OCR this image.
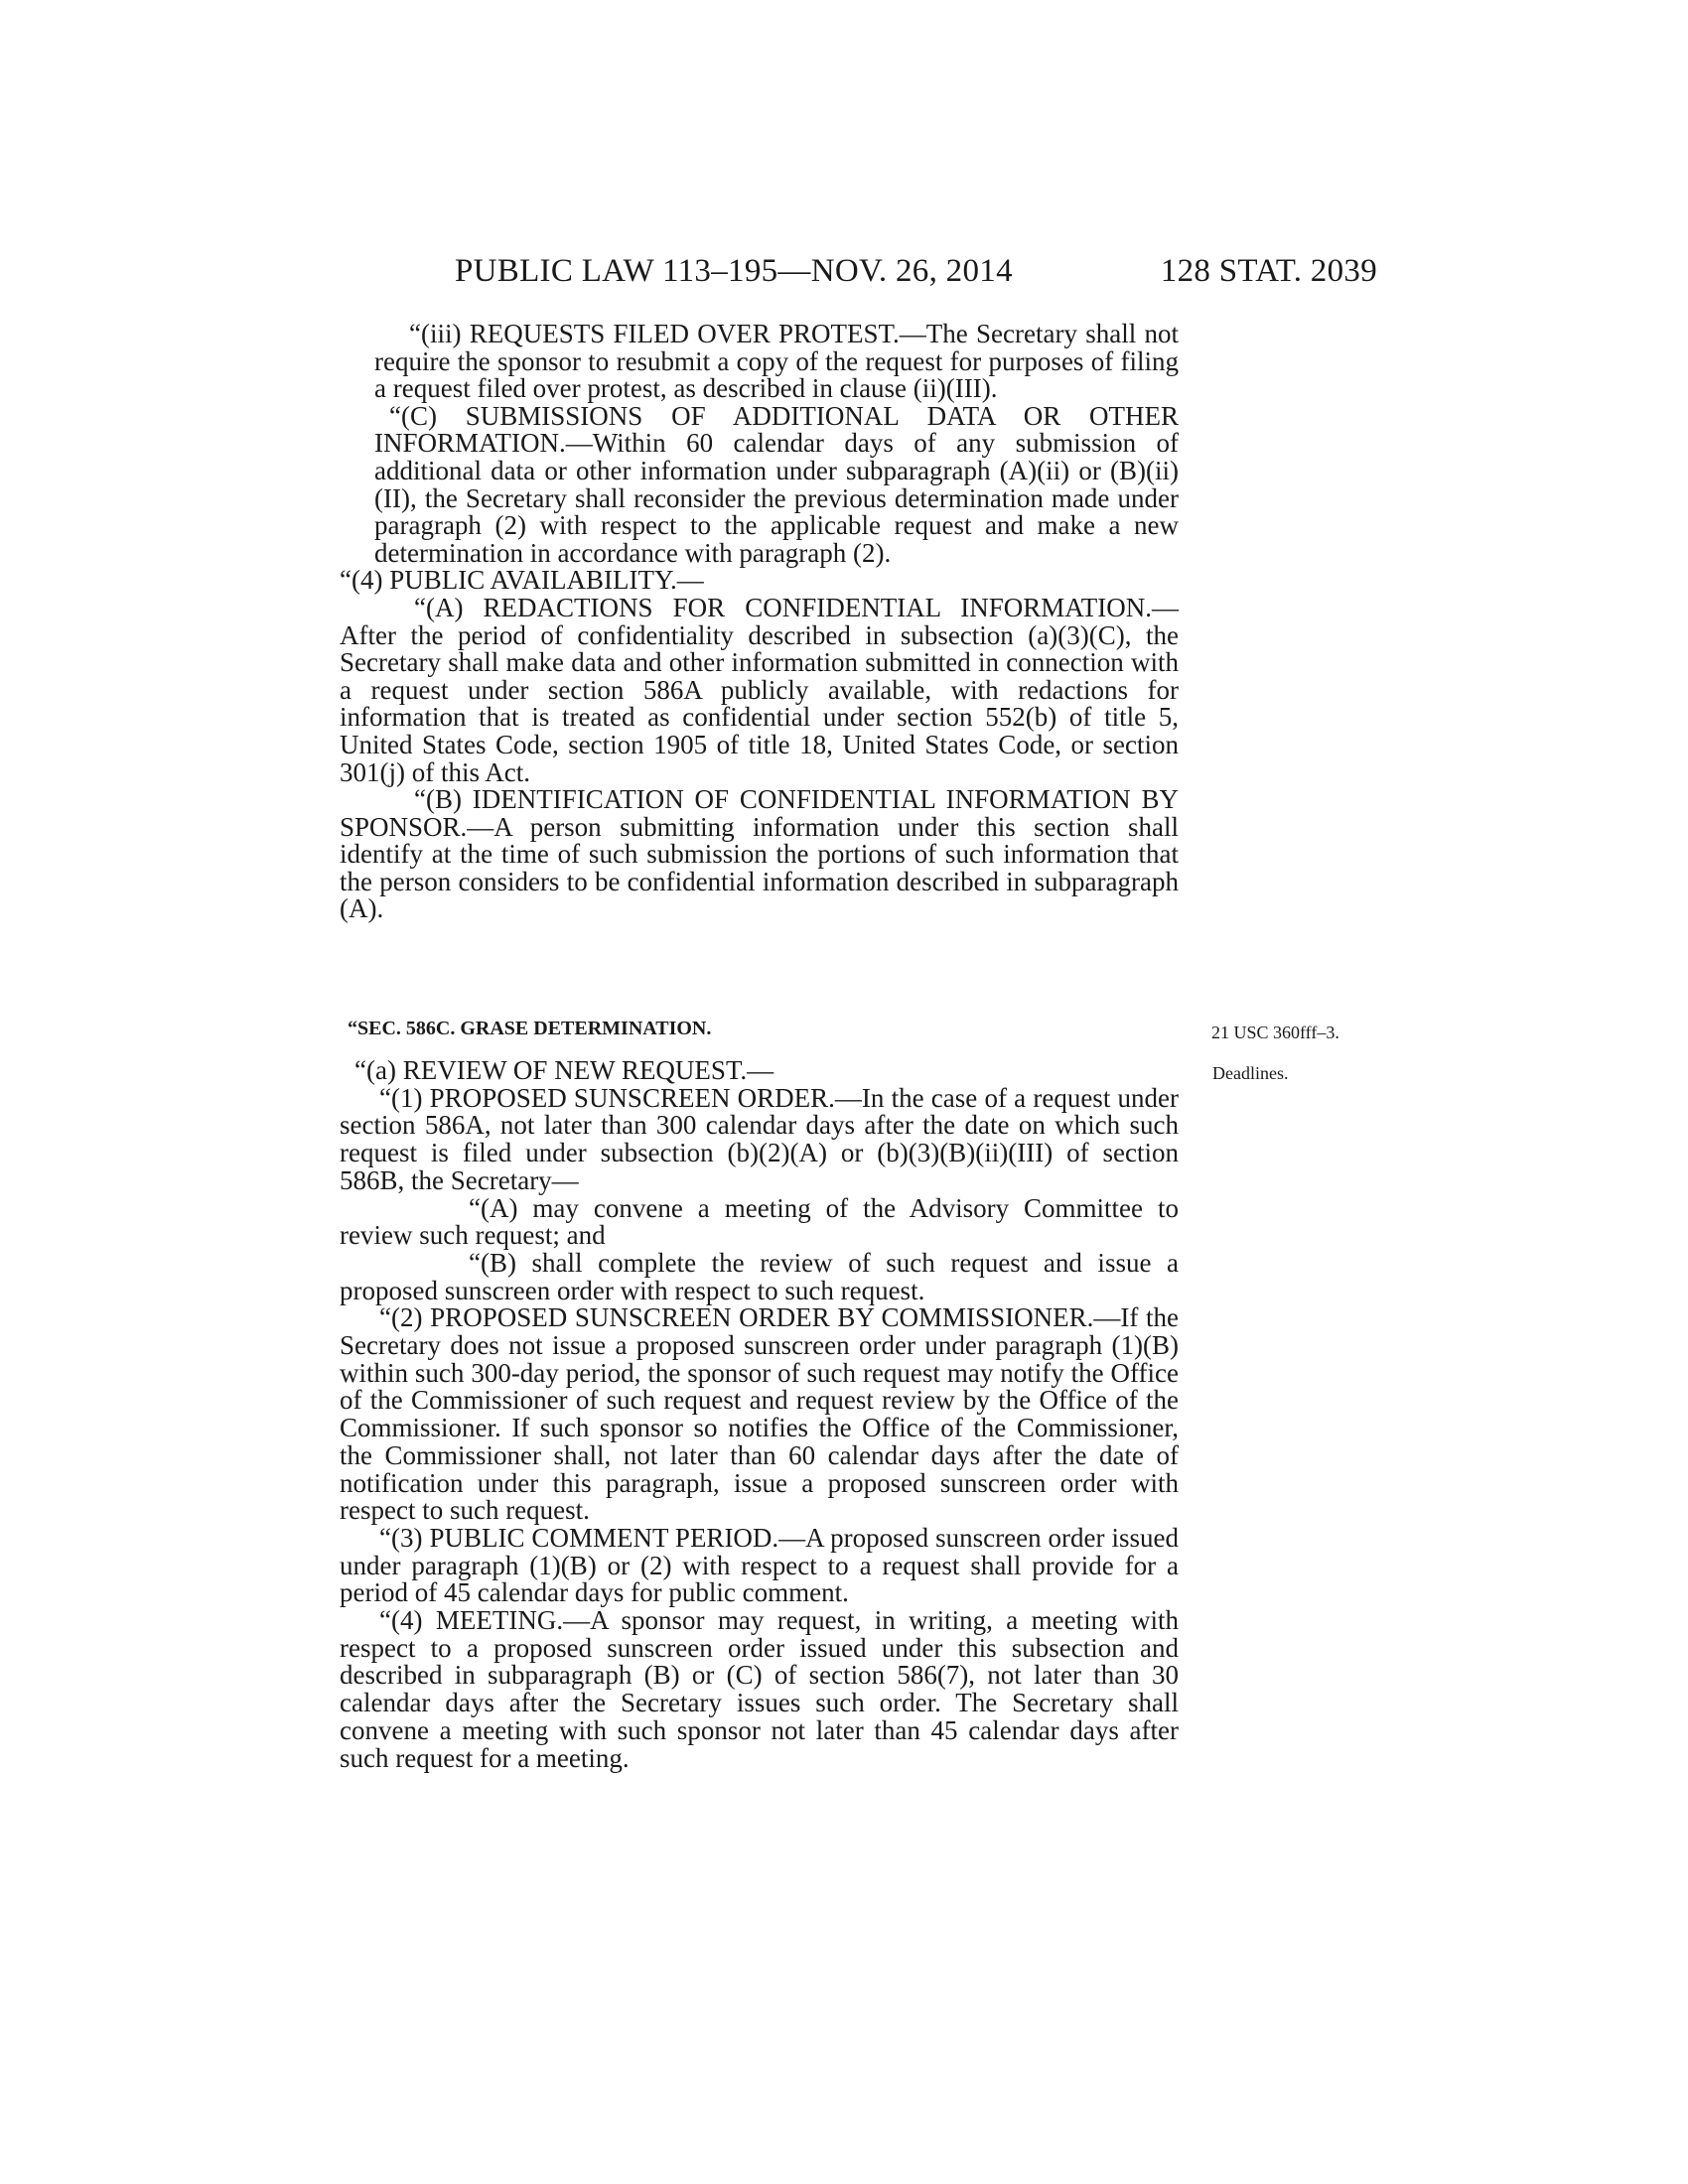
PUBLIC LAW 113–195—NOV. 26, 2014	128 STAT. 2039

“(iii) REQUESTS FILED OVER PROTEST.—The Secretary shall not require the sponsor to resubmit a copy of the request for purposes of filing a request filed over protest, as described in clause (ii)(III).

“(C) SUBMISSIONS OF ADDITIONAL DATA OR OTHER INFORMATION.—Within 60 calendar days of any submission of additional data or other information under subparagraph (A)(ii) or (B)(ii)(II), the Secretary shall reconsider the previous determination made under paragraph (2) with respect to the applicable request and make a new determination in accordance with paragraph (2).

“(4) PUBLIC AVAILABILITY.—

“(A) REDACTIONS FOR CONFIDENTIAL INFORMATION.—After the period of confidentiality described in subsection (a)(3)(C), the Secretary shall make data and other information submitted in connection with a request under section 586A publicly available, with redactions for information that is treated as confidential under section 552(b) of title 5, United States Code, section 1905 of title 18, United States Code, or section 301(j) of this Act.

“(B) IDENTIFICATION OF CONFIDENTIAL INFORMATION BY SPONSOR.—A person submitting information under this section shall identify at the time of such submission the portions of such information that the person considers to be confidential information described in subparagraph (A).

“SEC. 586C. GRASE DETERMINATION.	21 USC 360fff–3.
Deadlines.

“(a) REVIEW OF NEW REQUEST.—

“(1) PROPOSED SUNSCREEN ORDER.—In the case of a request under section 586A, not later than 300 calendar days after the date on which such request is filed under subsection (b)(2)(A) or (b)(3)(B)(ii)(III) of section 586B, the Secretary—

“(A) may convene a meeting of the Advisory Committee to review such request; and

“(B) shall complete the review of such request and issue a proposed sunscreen order with respect to such request.

“(2) PROPOSED SUNSCREEN ORDER BY COMMISSIONER.—If the Secretary does not issue a proposed sunscreen order under paragraph (1)(B) within such 300-day period, the sponsor of such request may notify the Office of the Commissioner of such request and request review by the Office of the Commissioner. If such sponsor so notifies the Office of the Commissioner, the Commissioner shall, not later than 60 calendar days after the date of notification under this paragraph, issue a proposed sunscreen order with respect to such request.

“(3) PUBLIC COMMENT PERIOD.—A proposed sunscreen order issued under paragraph (1)(B) or (2) with respect to a request shall provide for a period of 45 calendar days for public comment.

“(4) MEETING.—A sponsor may request, in writing, a meeting with respect to a proposed sunscreen order issued under this subsection and described in subparagraph (B) or (C) of section 586(7), not later than 30 calendar days after the Secretary issues such order. The Secretary shall convene a meeting with such sponsor not later than 45 calendar days after such request for a meeting.
